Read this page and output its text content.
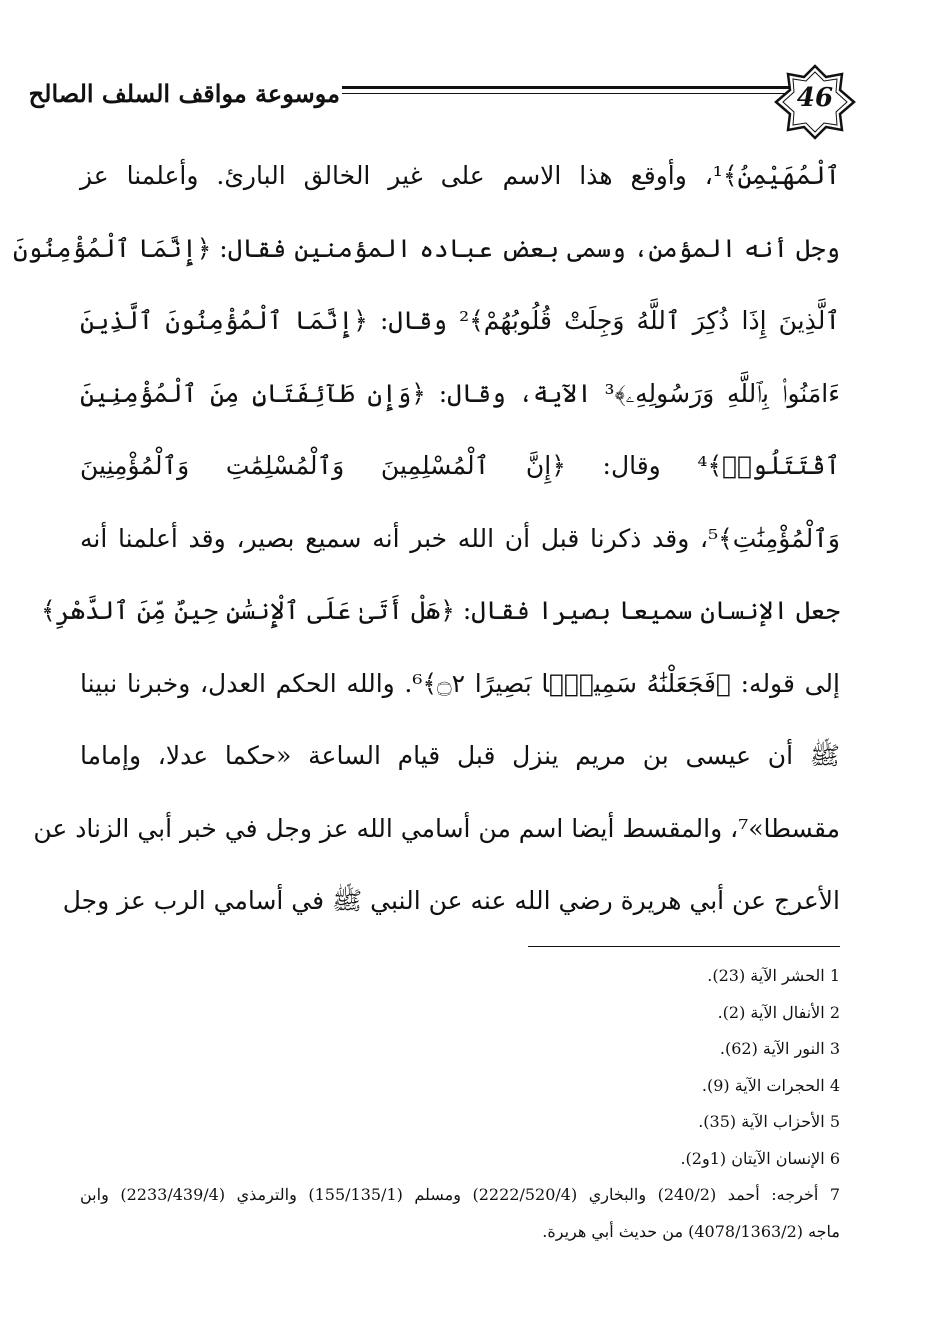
موسوعة مواقف السلف الصالح	46
ٱلْمُهَيْمِنُ﴾¹، وأوقع هذا الاسم على غير الخالق البارئ. وأعلمنا عز
وجل أنه المؤمن، وسمى بعض عباده المؤمنين فقال: ﴿إِنَّمَا ٱلْمُؤْمِنُونَ
ٱلَّذِينَ إِذَا ذُكِرَ ٱللَّهُ وَجِلَتْ قُلُوبُهُمْ﴾² وقال: ﴿إِنَّمَا ٱلْمُؤْمِنُونَ ٱلَّذِينَ
ءَامَنُوا۟ بِٱللَّهِ وَرَسُولِهِۦ﴾³ الآية، وقال: ﴿وَإِن طَآئِفَتَانِ مِنَ ٱلْمُؤْمِنِينَ
ٱقْتَتَلُوا۟﴾⁴ وقال: ﴿إِنَّ ٱلْمُسْلِمِينَ وَٱلْمُسْلِمَٰتِ وَٱلْمُؤْمِنِينَ
وَٱلْمُؤْمِنَٰتِ﴾⁵، وقد ذكرنا قبل أن الله خبر أنه سميع بصير، وقد أعلمنا أنه
جعل الإنسان سميعا بصيرا فقال: ﴿هَلْ أَتَىٰ عَلَى ٱلْإِنسَٰنِ حِينٌ مِّنَ ٱلدَّهْرِ﴾
إلى قوله: ﴿فَجَعَلْنَٰهُ سَمِيعًۢا بَصِيرًا ۝٢﴾⁶. والله الحكم العدل، وخبرنا نبينا
ﷺ أن عيسى بن مريم ينزل قبل قيام الساعة «حكما عدلا، وإماما
مقسطا»⁷، والمقسط أيضا اسم من أسامي الله عز وجل في خبر أبي الزناد عن
الأعرج عن أبي هريرة رضي الله عنه عن النبي ﷺ في أسامي الرب عز وجل
1 الحشر الآية (23).
2 الأنفال الآية (2).
3 النور الآية (62).
4 الحجرات الآية (9).
5 الأحزاب الآية (35).
6 الإنسان الآيتان (1و2).
7 أخرجه: أحمد (240/2) والبخاري (2222/520/4) ومسلم (155/135/1) والترمذي (2233/439/4) وابن
ماجه (4078/1363/2) من حديث أبي هريرة.
